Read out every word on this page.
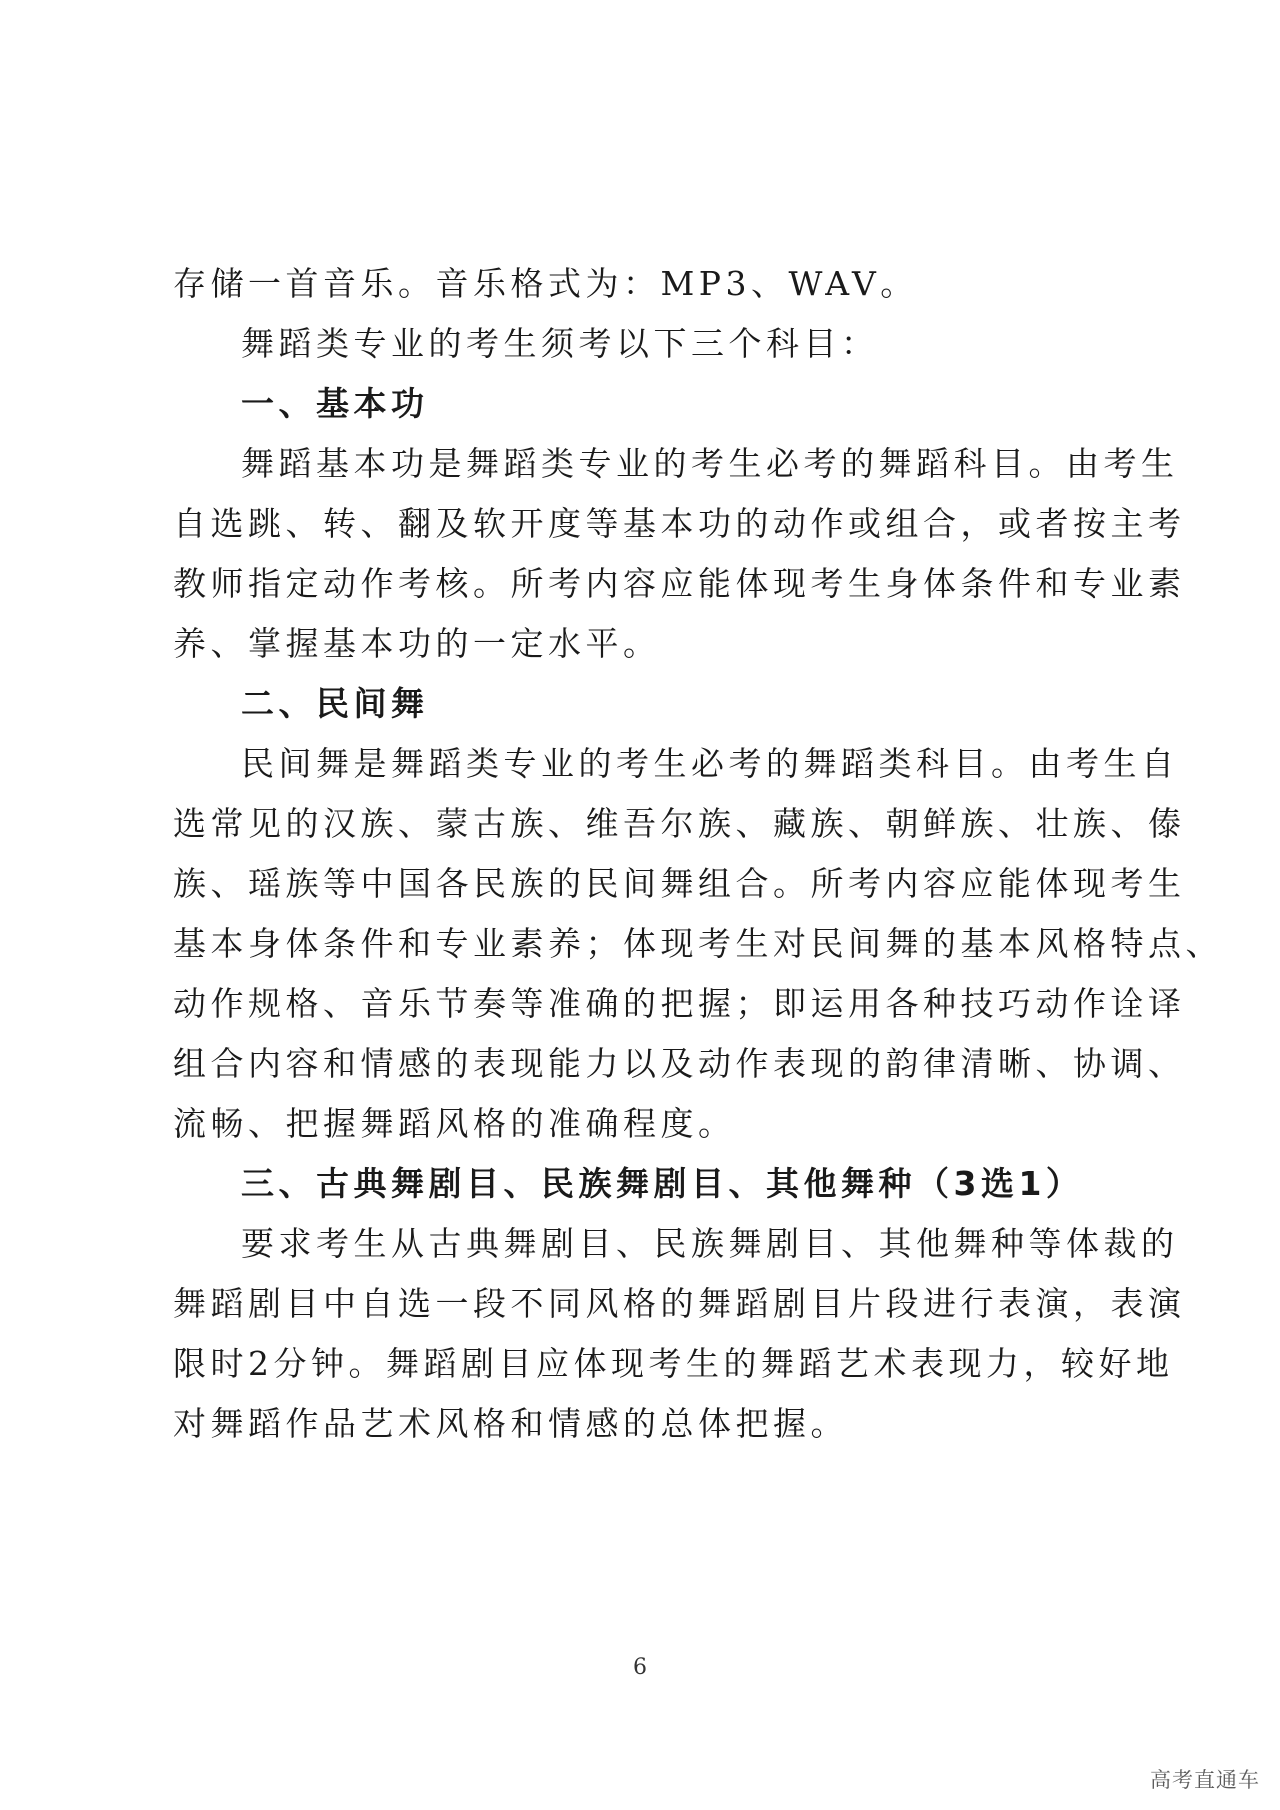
存储一首音乐。音乐格式为：MP3、WAV。
舞蹈类专业的考生须考以下三个科目：
一、基本功
舞蹈基本功是舞蹈类专业的考生必考的舞蹈科目。由考生
自选跳、转、翻及软开度等基本功的动作或组合，或者按主考
教师指定动作考核。所考内容应能体现考生身体条件和专业素
养、掌握基本功的一定水平。
二、民间舞
民间舞是舞蹈类专业的考生必考的舞蹈类科目。由考生自
选常见的汉族、蒙古族、维吾尔族、藏族、朝鲜族、壮族、傣
族、瑶族等中国各民族的民间舞组合。所考内容应能体现考生
基本身体条件和专业素养；体现考生对民间舞的基本风格特点、
动作规格、音乐节奏等准确的把握；即运用各种技巧动作诠译
组合内容和情感的表现能力以及动作表现的韵律清晰、协调、
流畅、把握舞蹈风格的准确程度。
三、古典舞剧目、民族舞剧目、其他舞种（3选1）
要求考生从古典舞剧目、民族舞剧目、其他舞种等体裁的
舞蹈剧目中自选一段不同风格的舞蹈剧目片段进行表演，表演
限时2分钟。舞蹈剧目应体现考生的舞蹈艺术表现力，较好地
对舞蹈作品艺术风格和情感的总体把握。
6
高考直通车
